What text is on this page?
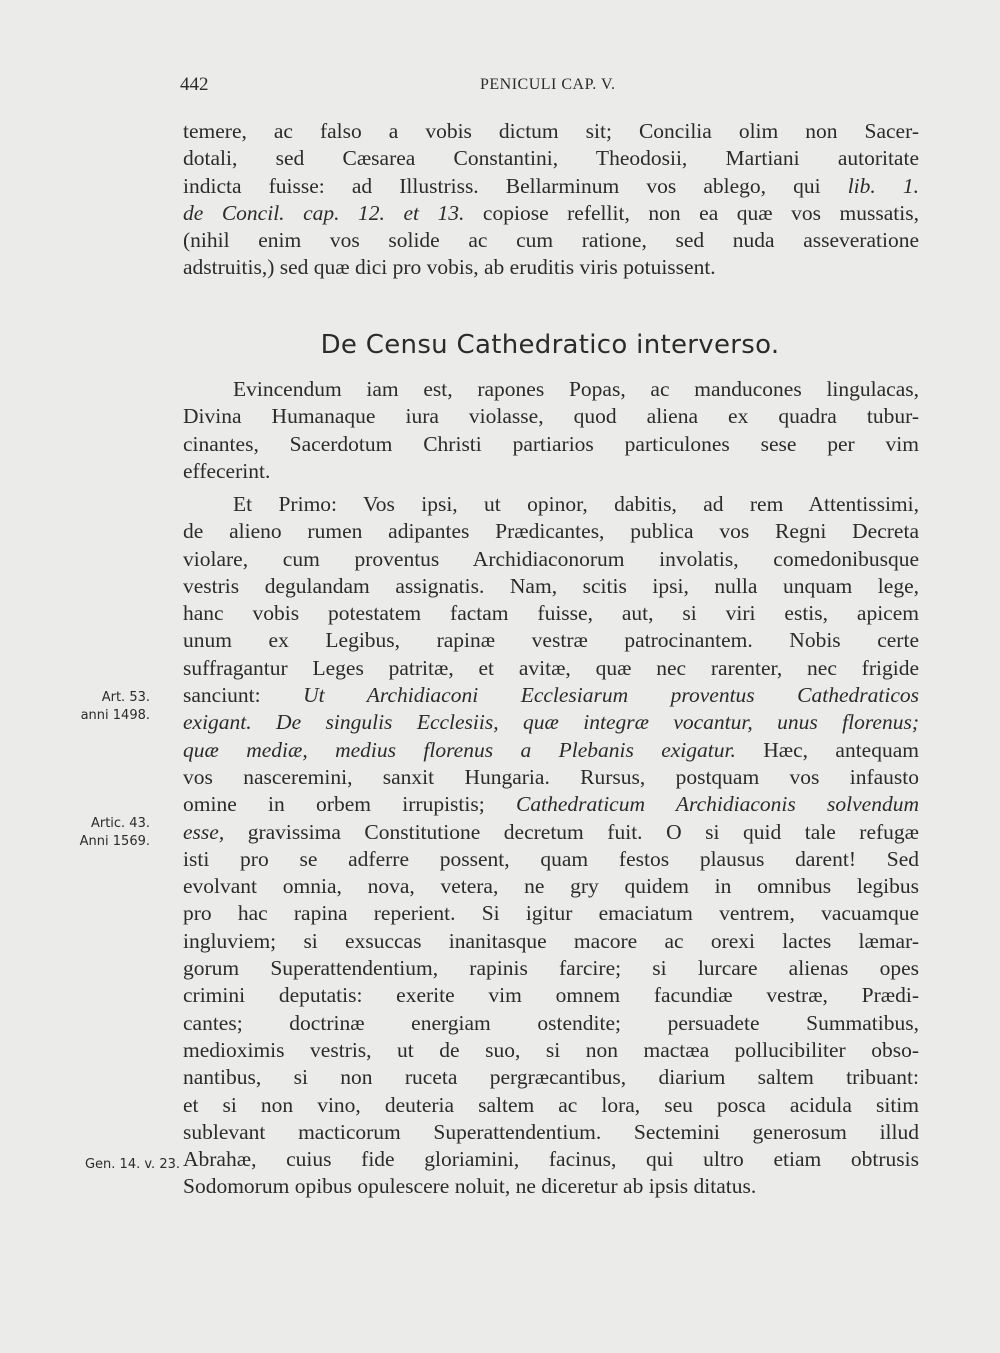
442	PENICULI CAP. V.
temere, ac falso a vobis dictum sit; Concilia olim non Sacer-
dotali, sed Cæsarea Constantini, Theodosii, Martiani autoritate
indicta fuisse: ad Illustriss. Bellarminum vos ablego, qui lib. 1.
de Concil. cap. 12. et 13. copiose refellit, non ea quæ vos mussatis,
(nihil enim vos solide ac cum ratione, sed nuda asseveratione
adstruitis,) sed quæ dici pro vobis, ab eruditis viris potuissent.
De Censu Cathedratico interverso.
Evincendum iam est, rapones Popas, ac manducones lingulacas,
Divina Humanaque iura violasse, quod aliena ex quadra tubur-
cinantes, Sacerdotum Christi partiarios particulones sese per vim
effecerint.
Et Primo: Vos ipsi, ut opinor, dabitis, ad rem Attentissimi,
de alieno rumen adipantes Prædicantes, publica vos Regni Decreta
violare, cum proventus Archidiaconorum involatis, comedonibusque
vestris degulandam assignatis. Nam, scitis ipsi, nulla unquam lege,
hanc vobis potestatem factam fuisse, aut, si viri estis, apicem
unum ex Legibus, rapinæ vestræ patrocinantem. Nobis certe
suffragantur Leges patritæ, et avitæ, quæ nec rarenter, nec frigide
sanciunt: Ut Archidiaconi Ecclesiarum proventus Cathedraticos
exigant. De singulis Ecclesiis, quæ integræ vocantur, unus florenus;
quæ mediæ, medius florenus a Plebanis exigatur. Hæc, antequam
vos nasceremini, sanxit Hungaria. Rursus, postquam vos infausto
omine in orbem irrupistis; Cathedraticum Archidiaconis solvendum
esse, gravissima Constitutione decretum fuit. O si quid tale refugæ
isti pro se adferre possent, quam festos plausus darent! Sed
evolvant omnia, nova, vetera, ne gry quidem in omnibus legibus
pro hac rapina reperient. Si igitur emaciatum ventrem, vacuamque
ingluviem; si exsuccas inanitasque macore ac orexi lactes læmar-
gorum Superattendentium, rapinis farcire; si lurcare alienas opes
crimini deputatis: exerite vim omnem facundiæ vestræ, Prædi-
cantes; doctrinæ energiam ostendite; persuadete Summatibus,
medioximis vestris, ut de suo, si non mactæa pollucibiliter obso-
nantibus, si non ruceta pergræcantibus, diarium saltem tribuant:
et si non vino, deuteria saltem ac lora, seu posca acidula sitim
sublevant macticorum Superattendentium. Sectemini generosum illud
Abrahæ, cuius fide gloriamini, facinus, qui ultro etiam obtrusis
Sodomorum opibus opulescere noluit, ne diceretur ab ipsis ditatus.
Art. 53.
anni 1498.
Artic. 43.
Anni 1569.
Gen. 14. v. 23.
